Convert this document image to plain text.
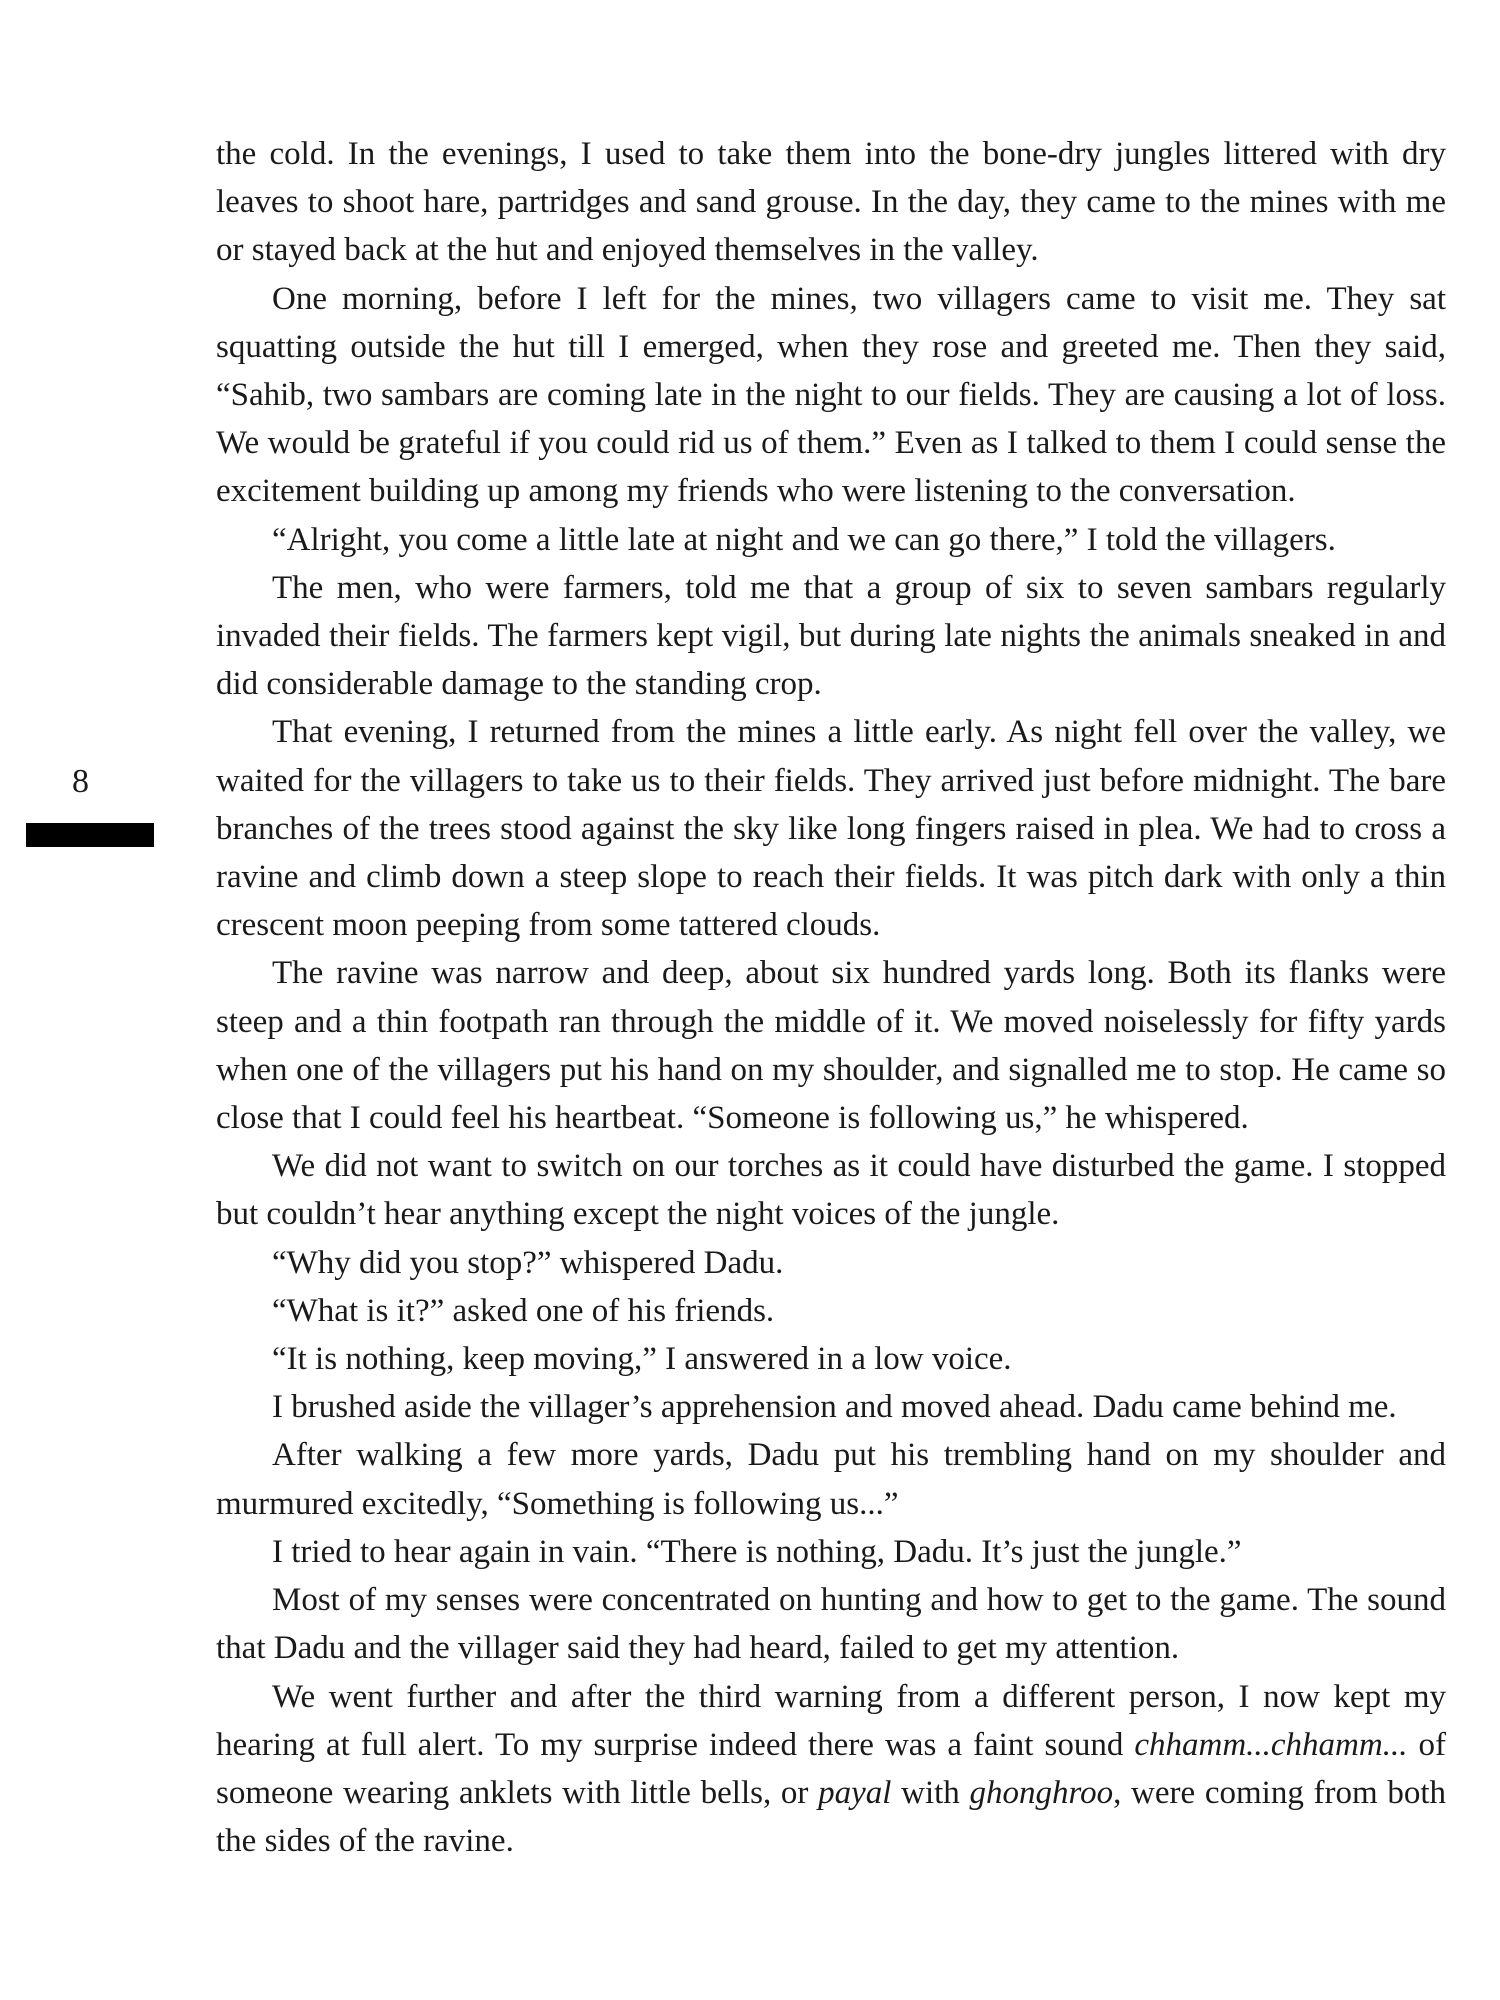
8

the cold. In the evenings, I used to take them into the bone-dry jungles littered with dry leaves to shoot hare, partridges and sand grouse. In the day, they came to the mines with me or stayed back at the hut and enjoyed themselves in the valley.

One morning, before I left for the mines, two villagers came to visit me. They sat squatting outside the hut till I emerged, when they rose and greeted me. Then they said, “Sahib, two sambars are coming late in the night to our fields. They are causing a lot of loss. We would be grateful if you could rid us of them.” Even as I talked to them I could sense the excitement building up among my friends who were listening to the conversation.

“Alright, you come a little late at night and we can go there,” I told the villagers.

The men, who were farmers, told me that a group of six to seven sambars regularly invaded their fields. The farmers kept vigil, but during late nights the animals sneaked in and did considerable damage to the standing crop.

That evening, I returned from the mines a little early. As night fell over the valley, we waited for the villagers to take us to their fields. They arrived just before midnight. The bare branches of the trees stood against the sky like long fingers raised in plea. We had to cross a ravine and climb down a steep slope to reach their fields. It was pitch dark with only a thin crescent moon peeping from some tattered clouds.

The ravine was narrow and deep, about six hundred yards long. Both its flanks were steep and a thin footpath ran through the middle of it. We moved noiselessly for fifty yards when one of the villagers put his hand on my shoulder, and signalled me to stop. He came so close that I could feel his heartbeat. “Someone is following us,” he whispered.

We did not want to switch on our torches as it could have disturbed the game. I stopped but couldn’t hear anything except the night voices of the jungle.

“Why did you stop?” whispered Dadu.

“What is it?” asked one of his friends.

“It is nothing, keep moving,” I answered in a low voice.

I brushed aside the villager’s apprehension and moved ahead. Dadu came behind me.

After walking a few more yards, Dadu put his trembling hand on my shoulder and murmured excitedly, “Something is following us...”

I tried to hear again in vain. “There is nothing, Dadu. It’s just the jungle.”

Most of my senses were concentrated on hunting and how to get to the game. The sound that Dadu and the villager said they had heard, failed to get my attention.

We went further and after the third warning from a different person, I now kept my hearing at full alert. To my surprise indeed there was a faint sound chhamm...chhamm... of someone wearing anklets with little bells, or payal with ghonghroo, were coming from both the sides of the ravine.
